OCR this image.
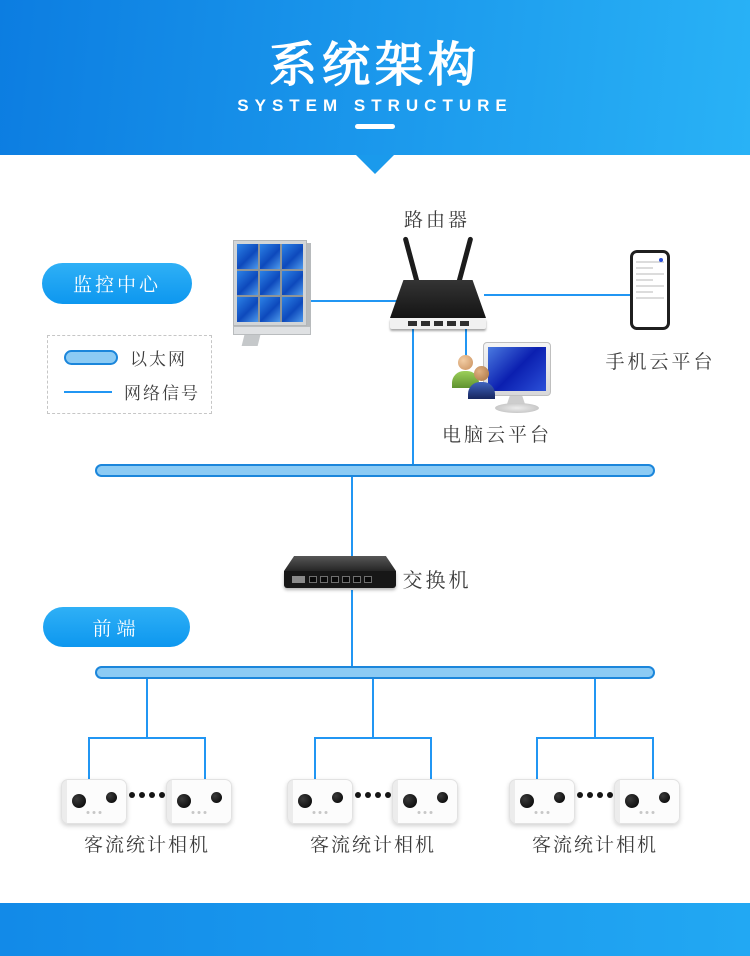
系统架构
SYSTEM STRUCTURE
路由器
监控中心
以太网
网络信号
手机云平台
电脑云平台
交换机
前端
客流统计相机	客流统计相机	客流统计相机
